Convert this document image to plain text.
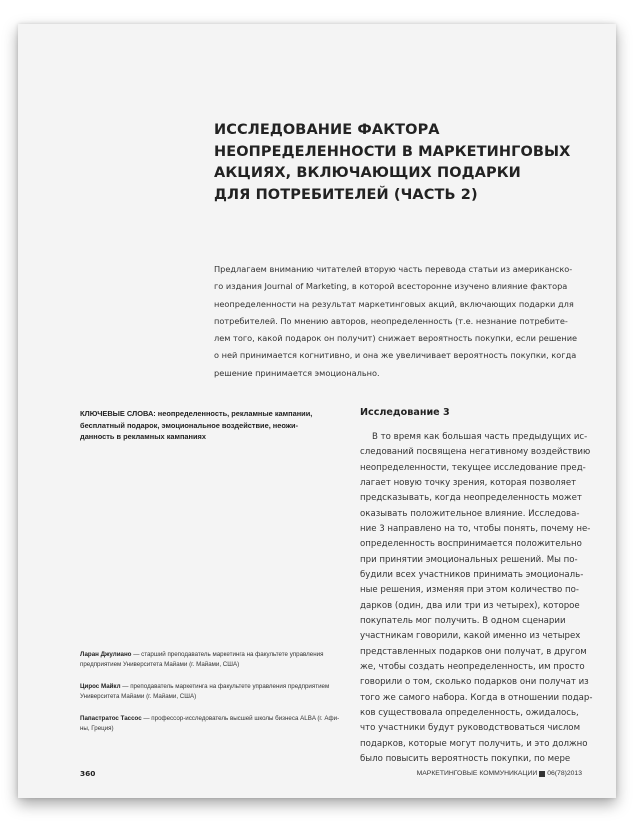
ИССЛЕДОВАНИЕ ФАКТОРА
НЕОПРЕДЕЛЕННОСТИ В МАРКЕТИНГОВЫХ
АКЦИЯХ, ВКЛЮЧАЮЩИХ ПОДАРКИ
ДЛЯ ПОТРЕБИТЕЛЕЙ (ЧАСТЬ 2)
Предлагаем вниманию читателей вторую часть перевода статьи из американско-
го издания Journal of Marketing, в которой всесторонне изучено влияние фактора
неопределенности на результат маркетинговых акций, включающих подарки для
потребителей. По мнению авторов, неопределенность (т.е. незнание потребите-
лем того, какой подарок он получит) снижает вероятность покупки, если решение
о ней принимается когнитивно, и она же увеличивает вероятность покупки, когда
решение принимается эмоционально.
КЛЮЧЕВЫЕ СЛОВА: неопределенность, рекламные кампании,
бесплатный подарок, эмоциональное воздействие, неожи-
данность в рекламных кампаниях
Ларан Джулиано — старший преподаватель маркетинга на факультете управления
предприятием Университета Майами (г. Майами, США)
Цирос Майкл — преподаватель маркетинга на факультете управления предприятием
Университета Майами (г. Майами, США)
Папастратос Тассос — профессор-исследователь высшей школы бизнеса ALBA (г. Афи-
ны, Греция)
Исследование 3
В то время как большая часть предыдущих ис-
следований посвящена негативному воздействию
неопределенности, текущее исследование пред-
лагает новую точку зрения, которая позволяет
предсказывать, когда неопределенность может
оказывать положительное влияние. Исследова-
ние 3 направлено на то, чтобы понять, почему не-
определенность воспринимается положительно
при принятии эмоциональных решений. Мы по-
будили всех участников принимать эмоциональ-
ные решения, изменяя при этом количество по-
дарков (один, два или три из четырех), которое
покупатель мог получить. В одном сценарии
участникам говорили, какой именно из четырех
представленных подарков они получат, в другом
же, чтобы создать неопределенность, им просто
говорили о том, сколько подарков они получат из
того же самого набора. Когда в отношении подар-
ков существовала определенность, ожидалось,
что участники будут руководствоваться числом
подарков, которые могут получить, и это должно
было повысить вероятность покупки, по мере
360	МАРКЕТИНГОВЫЕ КОММУНИКАЦИИ 06(78)2013
